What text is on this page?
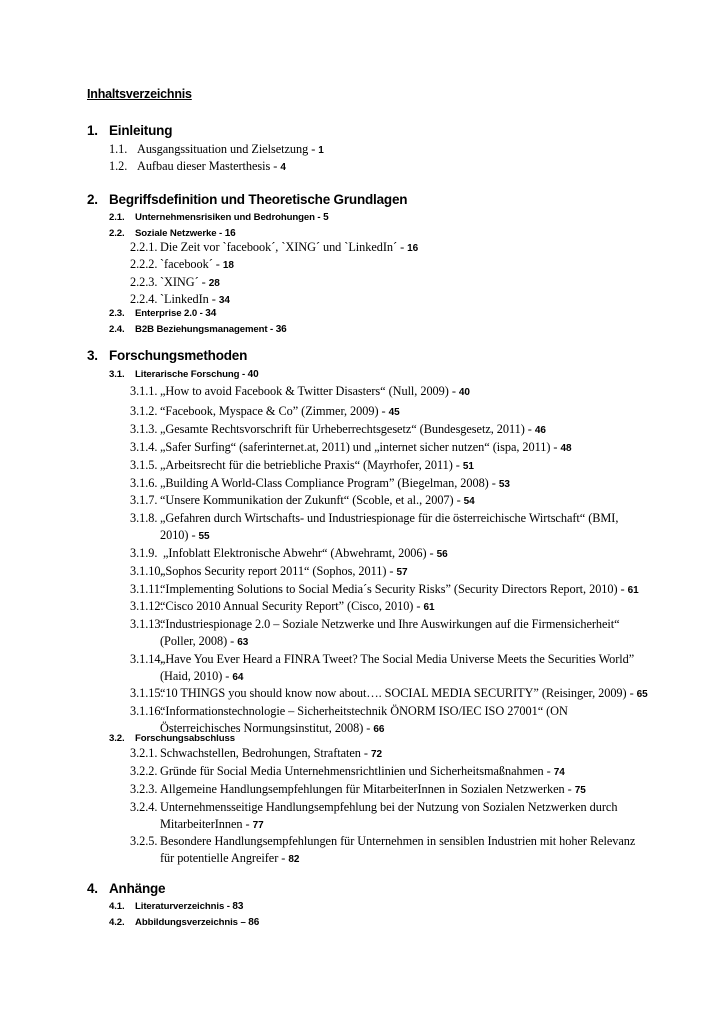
Inhaltsverzeichnis
1. Einleitung
1.1. Ausgangssituation und Zielsetzung - 1
1.2. Aufbau dieser Masterthesis - 4
2. Begriffsdefinition und Theoretische Grundlagen
2.1. Unternehmensrisiken und Bedrohungen - 5
2.2. Soziale Netzwerke - 16
2.2.1. Die Zeit vor `facebook´, `XING´ und `LinkedIn´ - 16
2.2.2. `facebook´ - 18
2.2.3. `XING´ - 28
2.2.4. `LinkedIn - 34
2.3. Enterprise 2.0 - 34
2.4. B2B Beziehungsmanagement - 36
3. Forschungsmethoden
3.1. Literarische Forschung - 40
3.1.1. „How to avoid Facebook & Twitter Disasters“ (Null, 2009) - 40
3.1.2. “Facebook, Myspace & Co” (Zimmer, 2009) - 45
3.1.3. „Gesamte Rechtsvorschrift für Urheberrechtsgesetz“ (Bundesgesetz, 2011) - 46
3.1.4. „Safer Surfing“ (saferinternet.at, 2011) und „internet sicher nutzen“ (ispa, 2011) - 48
3.1.5. „Arbeitsrecht für die betriebliche Praxis“ (Mayrhofer, 2011) - 51
3.1.6. „Building A World-Class Compliance Program” (Biegelman, 2008) - 53
3.1.7. “Unsere Kommunikation der Zukunft“ (Scoble, et al., 2007) - 54
3.1.8. „Gefahren durch Wirtschafts- und Industriespionage für die österreichische Wirtschaft“ (BMI, 2010) - 55
3.1.9. „Infoblatt Elektronische Abwehr“ (Abwehramt, 2006) - 56
3.1.10.
„Sophos Security report 2011“ (Sophos, 2011) - 57
3.1.11.
“Implementing Solutions to Social Media´s Security Risks” (Security Directors Report, 2010) - 61
3.1.12.
“Cisco 2010 Annual Security Report” (Cisco, 2010) - 61
3.1.13.
“Industriespionage 2.0 – Soziale Netzwerke und Ihre Auswirkungen auf die Firmensicherheit“ (Poller, 2008) - 63
3.1.14.
„Have You Ever Heard a FINRA Tweet? The Social Media Universe Meets the Securities World” (Haid, 2010) - 64
3.1.15.
“10 THINGS you should know now about…. SOCIAL MEDIA SECURITY” (Reisinger, 2009) - 65
3.1.16.
“Informationstechnologie – Sicherheitstechnik ÖNORM ISO/IEC ISO 27001“ (ON Österreichisches Normungsinstitut, 2008) - 66
3.2. Forschungsabschluss
3.2.1. Schwachstellen, Bedrohungen, Straftaten - 72
3.2.2. Gründe für Social Media Unternehmensrichtlinien und Sicherheitsmaßnahmen - 74
3.2.3. Allgemeine Handlungsempfehlungen für MitarbeiterInnen in Sozialen Netzwerken - 75
3.2.4. Unternehmensseitige Handlungsempfehlung bei der Nutzung von Sozialen Netzwerken durch MitarbeiterInnen - 77
3.2.5. Besondere Handlungsempfehlungen für Unternehmen in sensiblen Industrien mit hoher Relevanz für potentielle Angreifer - 82
4. Anhänge
4.1. Literaturverzeichnis - 83
4.2. Abbildungsverzeichnis – 86
